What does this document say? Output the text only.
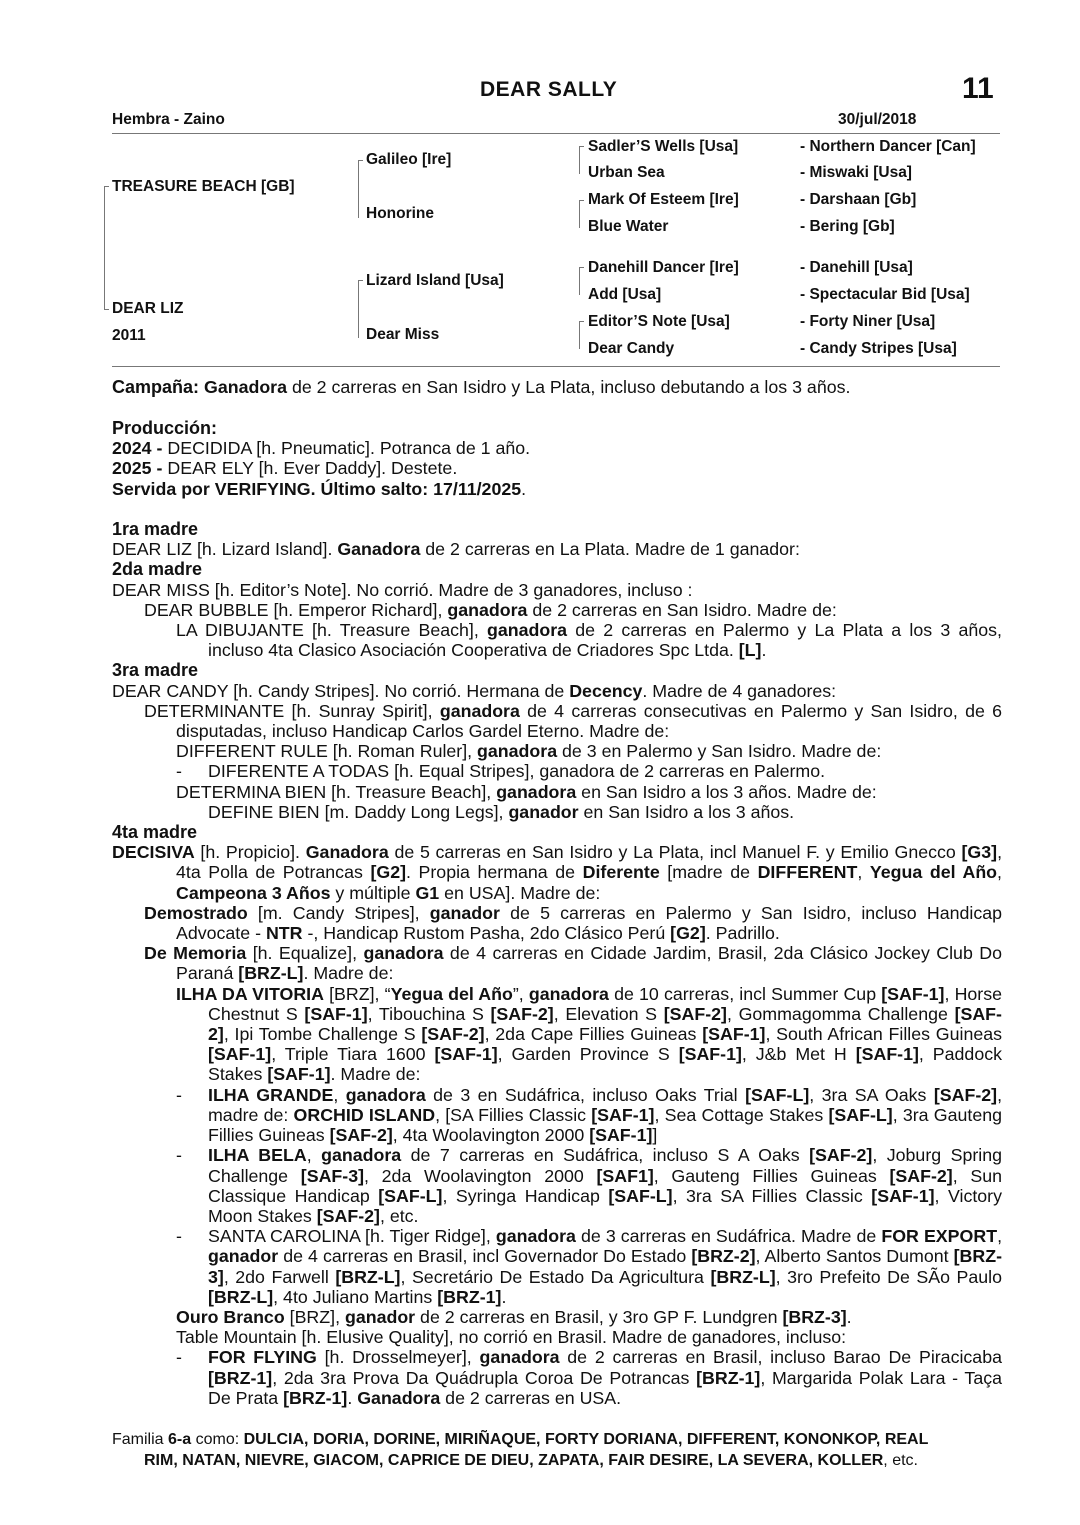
DEAR SALLY	11
Hembra - Zaino	30/jul/2018
TREASURE BEACH [GB]
DEAR LIZ
2011
Galileo [Ire]
Honorine
Lizard Island [Usa]
Dear Miss
Sadler’S Wells [Usa]
Urban Sea
Mark Of Esteem [Ire]
Blue Water
Danehill Dancer [Ire]
Add [Usa]
Editor’S Note [Usa]
Dear Candy
- Northern Dancer [Can]
- Miswaki [Usa]
- Darshaan [Gb]
- Bering [Gb]
- Danehill [Usa]
- Spectacular Bid [Usa]
- Forty Niner [Usa]
- Candy Stripes [Usa]
Campaña: Ganadora de 2 carreras en San Isidro y La Plata, incluso debutando a los 3 años.

Producción:

2024 - DECIDIDA [h. Pneumatic]. Potranca de 1 año.

2025 - DEAR ELY [h. Ever Daddy]. Destete.

Servida por VERIFYING. Último salto: 17/11/2025.

1ra madre

DEAR LIZ [h. Lizard Island]. Ganadora de 2 carreras en La Plata. Madre de 1 ganador:

2da madre

DEAR MISS [h. Editor’s Note]. No corrió. Madre de 3 ganadores, incluso :

DEAR BUBBLE [h. Emperor Richard], ganadora de 2 carreras en San Isidro. Madre de:

LA DIBUJANTE [h. Treasure Beach], ganadora de 2 carreras en Palermo y La Plata a los 3 años, incluso 4ta Clasico Asociación Cooperativa de Criadores Spc Ltda. [L].

3ra madre

DEAR CANDY [h. Candy Stripes]. No corrió. Hermana de Decency. Madre de 4 ganadores:

DETERMINANTE [h. Sunray Spirit], ganadora de 4 carreras consecutivas en Palermo y San Isidro, de 6 disputadas, incluso Handicap Carlos Gardel Eterno. Madre de:

DIFFERENT RULE [h. Roman Ruler], ganadora de 3 en Palermo y San Isidro. Madre de:

- DIFERENTE A TODAS [h. Equal Stripes], ganadora de 2 carreras en Palermo.

DETERMINA BIEN [h. Treasure Beach], ganadora en San Isidro a los 3 años. Madre de:

DEFINE BIEN [m. Daddy Long Legs], ganador en San Isidro a los 3 años.

4ta madre

DECISIVA [h. Propicio]. Ganadora de 5 carreras en San Isidro y La Plata, incl Manuel F. y Emilio Gnecco [G3], 4ta Polla de Potrancas [G2]. Propia hermana de Diferente [madre de DIFFERENT, Yegua del Año, Campeona 3 Años y múltiple G1 en USA]. Madre de:

Demostrado [m. Candy Stripes], ganador de 5 carreras en Palermo y San Isidro, incluso Handicap Advocate - NTR -, Handicap Rustom Pasha, 2do Clásico Perú [G2]. Padrillo.

De Memoria [h. Equalize], ganadora de 4 carreras en Cidade Jardim, Brasil, 2da Clásico Jockey Club Do Paraná [BRZ-L]. Madre de:

ILHA DA VITORIA [BRZ], “Yegua del Año”, ganadora de 10 carreras, incl Summer Cup [SAF-1], Horse Chestnut S [SAF-1], Tibouchina S [SAF-2], Elevation S [SAF-2], Gommagomma Challenge [SAF-2], Ipi Tombe Challenge S [SAF-2], 2da Cape Fillies Guineas [SAF-1], South African Filles Guineas [SAF-1], Triple Tiara 1600 [SAF-1], Garden Province S [SAF-1], J&b Met H [SAF-1], Paddock Stakes [SAF-1]. Madre de:

- ILHA GRANDE, ganadora de 3 en Sudáfrica, incluso Oaks Trial [SAF-L], 3ra SA Oaks [SAF-2], madre de: ORCHID ISLAND, [SA Fillies Classic [SAF-1], Sea Cottage Stakes [SAF-L], 3ra Gauteng Fillies Guineas [SAF-2], 4ta Woolavington 2000 [SAF-1]]

- ILHA BELA, ganadora de 7 carreras en Sudáfrica, incluso S A Oaks [SAF-2], Joburg Spring Challenge [SAF-3], 2da Woolavington 2000 [SAF1], Gauteng Fillies Guineas [SAF-2], Sun Classique Handicap [SAF-L], Syringa Handicap [SAF-L], 3ra SA Fillies Classic [SAF-1], Victory Moon Stakes [SAF-2], etc.

- SANTA CAROLINA [h. Tiger Ridge], ganadora de 3 carreras en Sudáfrica. Madre de FOR EXPORT, ganador de 4 carreras en Brasil, incl Governador Do Estado [BRZ-2], Alberto Santos Dumont [BRZ-3], 2do Farwell [BRZ-L], Secretário De Estado Da Agricultura [BRZ-L], 3ro Prefeito De SÃo Paulo [BRZ-L], 4to Juliano Martins [BRZ-1].

Ouro Branco [BRZ], ganador de 2 carreras en Brasil, y 3ro GP F. Lundgren [BRZ-3].

Table Mountain [h. Elusive Quality], no corrió en Brasil. Madre de ganadores, incluso:

- FOR FLYING [h. Drosselmeyer], ganadora de 2 carreras en Brasil, incluso Barao De Piracicaba [BRZ-1], 2da 3ra Prova Da Quádrupla Coroa De Potrancas [BRZ-1], Margarida Polak Lara - Taça De Prata [BRZ-1]. Ganadora de 2 carreras en USA.

Familia 6-a como: DULCIA, DORIA, DORINE, MIRIÑAQUE, FORTY DORIANA, DIFFERENT, KONONKOP, REAL
RIM, NATAN, NIEVRE, GIACOM, CAPRICE DE DIEU, ZAPATA, FAIR DESIRE, LA SEVERA, KOLLER, etc.
